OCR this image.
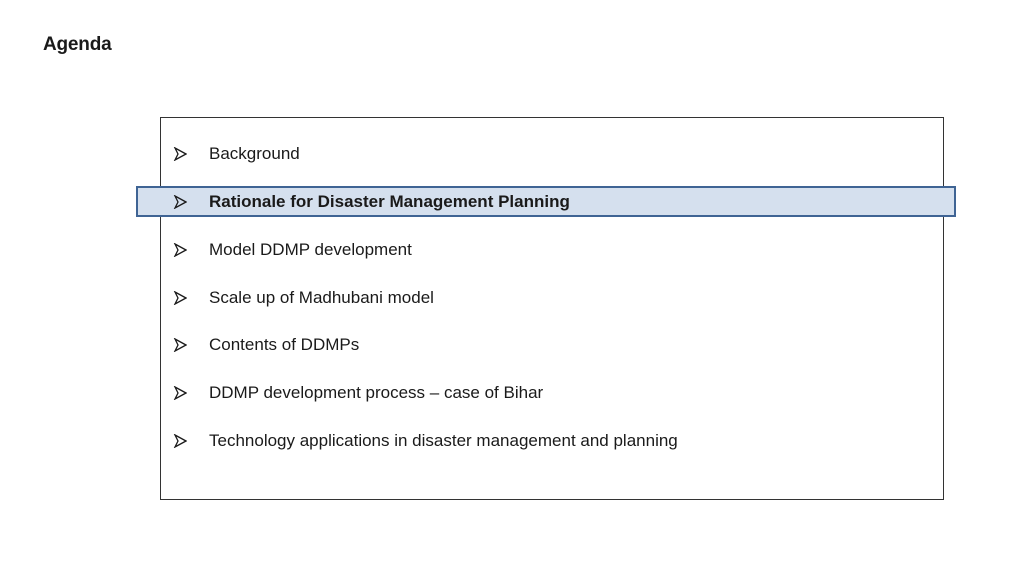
Agenda
Background
Rationale for Disaster Management Planning
Model DDMP development
Scale up of Madhubani model
Contents of DDMPs
DDMP development process – case of Bihar
Technology applications in disaster management and planning
